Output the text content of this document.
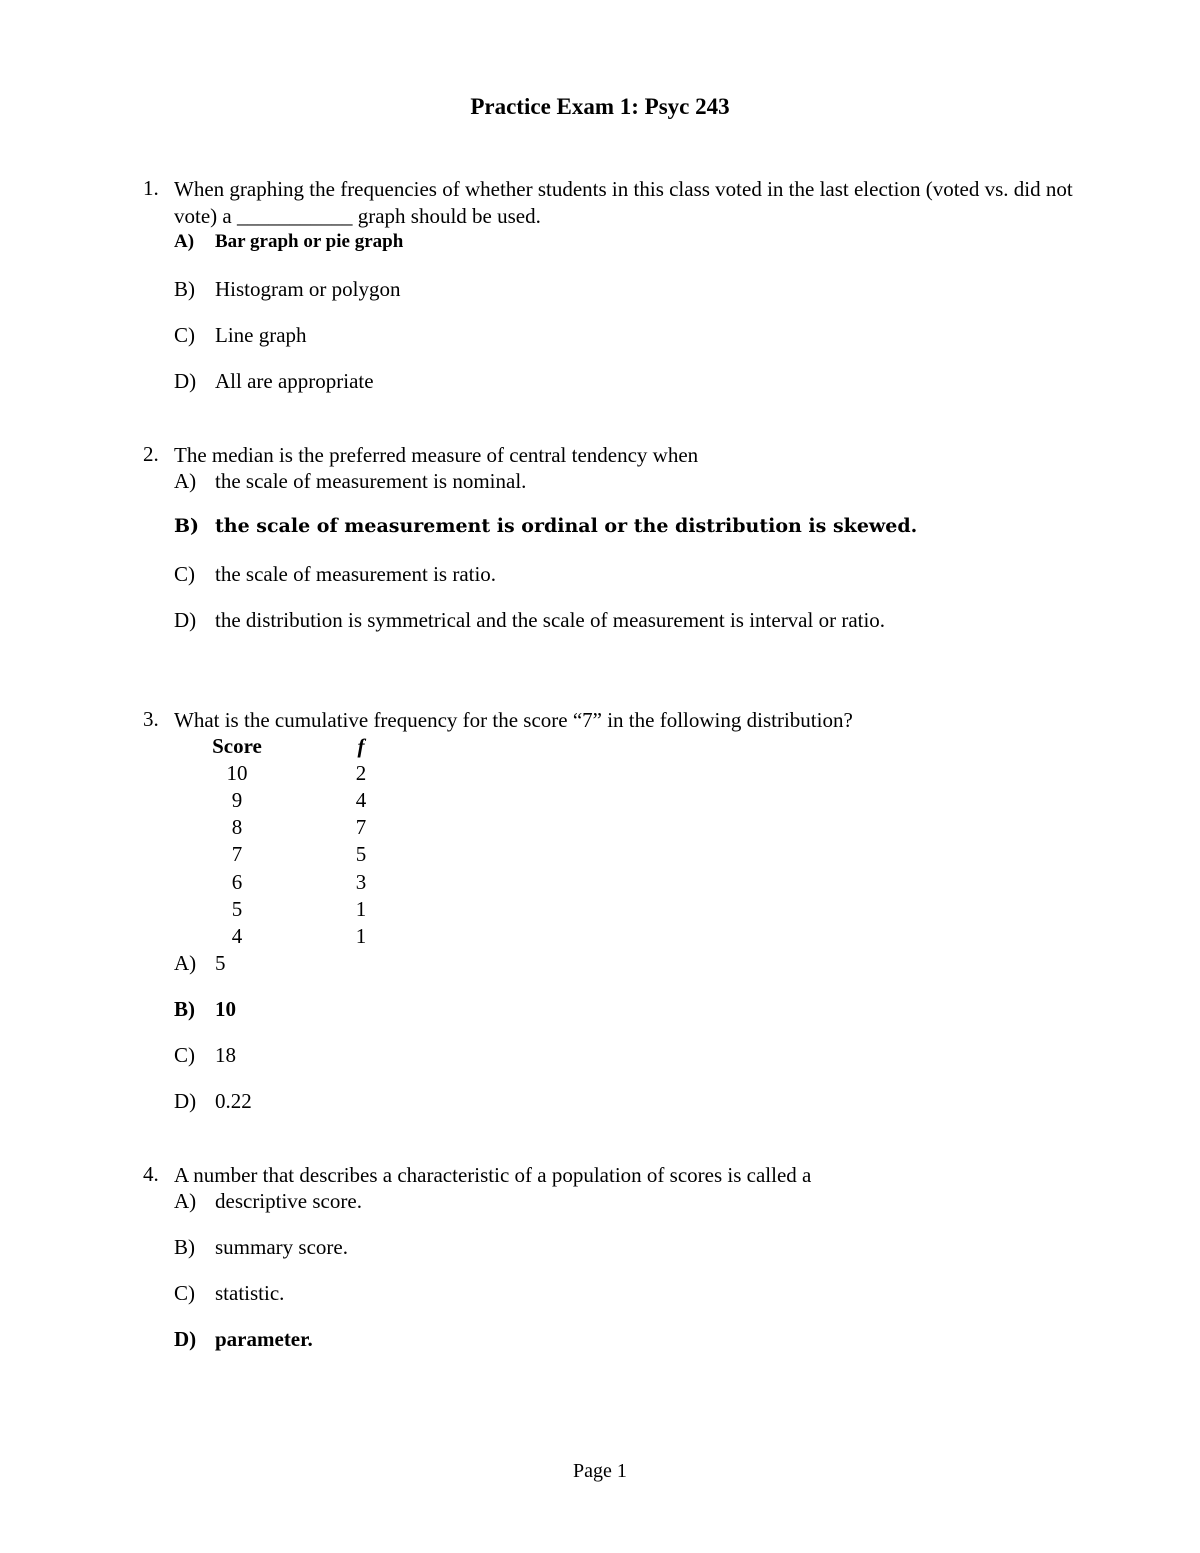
Practice Exam 1: Psyc 243
1. When graphing the frequencies of whether students in this class voted in the last election (voted vs. did not vote) a ___________ graph should be used.
A) Bar graph or pie graph
B) Histogram or polygon
C) Line graph
D) All are appropriate
2. The median is the preferred measure of central tendency when
A) the scale of measurement is nominal.
B) the scale of measurement is ordinal or the distribution is skewed.
C) the scale of measurement is ratio.
D) the distribution is symmetrical and the scale of measurement is interval or ratio.
3. What is the cumulative frequency for the score “7” in the following distribution?
Score	f
10	2
9	4
8	7
7	5
6	3
5	1
4	1
A) 5
B) 10
C) 18
D) 0.22
4. A number that describes a characteristic of a population of scores is called a
A) descriptive score.
B) summary score.
C) statistic.
D) parameter.
Page 1
